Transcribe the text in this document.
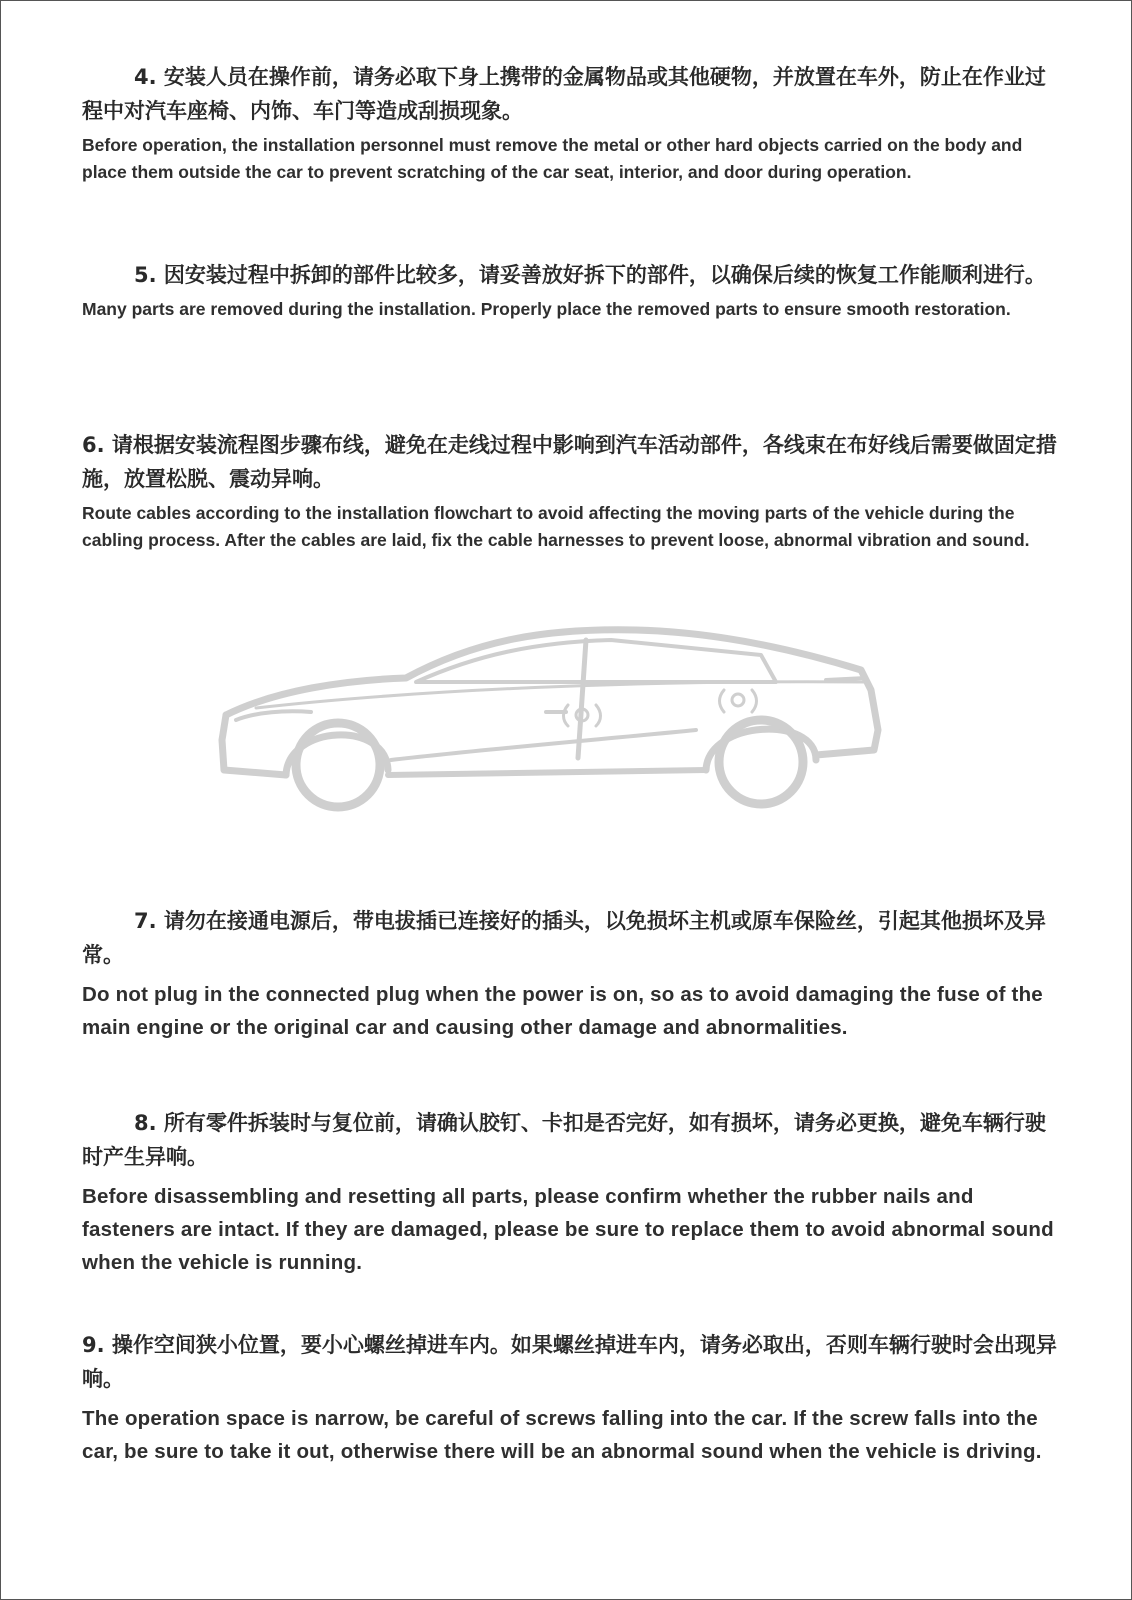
4. 安装人员在操作前，请务必取下身上携带的金属物品或其他硬物，并放置在车外，防止在作业过程中对汽车座椅、内饰、车门等造成刮损现象。

Before operation, the installation personnel must remove the metal or other hard objects carried on the body and place them outside the car to prevent scratching of the car seat, interior, and door during operation.

5. 因安装过程中拆卸的部件比较多，请妥善放好拆下的部件，以确保后续的恢复工作能顺利进行。

Many parts are removed during the installation. Properly place the removed parts to ensure smooth restoration.

6. 请根据安装流程图步骤布线，避免在走线过程中影响到汽车活动部件，各线束在布好线后需要做固定措施，放置松脱、震动异响。

Route cables according to the installation flowchart to avoid affecting the moving parts of the vehicle during the cabling process. After the cables are laid, fix the cable harnesses to prevent loose, abnormal vibration and sound.

7. 请勿在接通电源后，带电拔插已连接好的插头，以免损坏主机或原车保险丝，引起其他损坏及异常。

Do not plug in the connected plug when the power is on, so as to avoid damaging the fuse of the main engine or the original car and causing other damage and abnormalities.

8. 所有零件拆装时与复位前，请确认胶钉、卡扣是否完好，如有损坏，请务必更换，避免车辆行驶时产生异响。

Before disassembling and resetting all parts, please confirm whether the rubber nails and fasteners are intact. If they are damaged, please be sure to replace them to avoid abnormal sound when the vehicle is running.

9. 操作空间狭小位置，要小心螺丝掉进车内。如果螺丝掉进车内，请务必取出，否则车辆行驶时会出现异响。

The operation space is narrow, be careful of screws falling into the car. If the screw falls into the car, be sure to take it out, otherwise there will be an abnormal sound when the vehicle is driving.
